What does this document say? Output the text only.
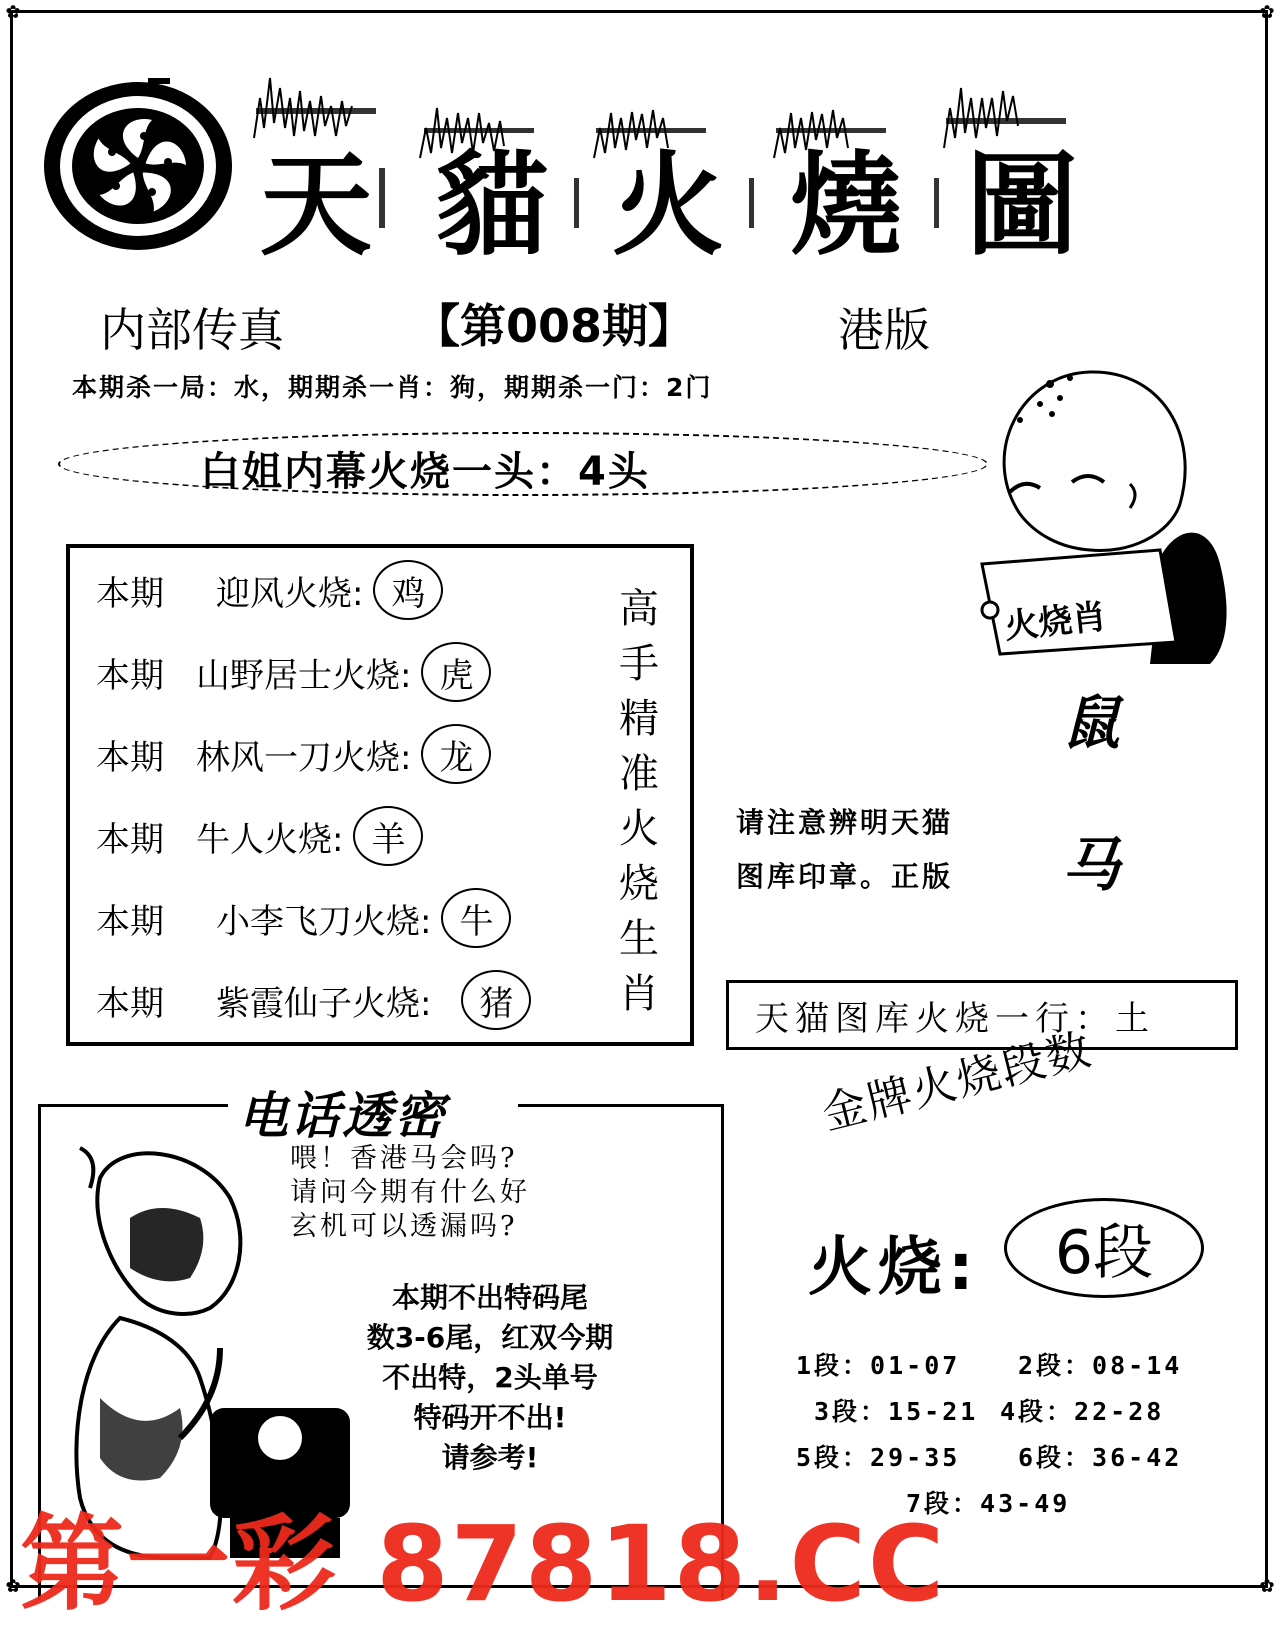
✿	✿
✿	✿
天 貓 火 燒 圖
内部传真	【第008期】	港版
本期杀一局：水，期期杀一肖：狗，期期杀一门：2门
白姐内幕火烧一头：4头
本期	迎风火烧: 鸡
本期 山野居士火烧: 虎
本期 林风一刀火烧: 龙
本期 牛人火烧: 羊
本期	小李飞刀火烧: 牛
本期	紫霞仙子火烧:	猪
高手精准火烧生肖
火烧肖
鼠
马
请注意辨明天猫
图库印章。正版
天猫图库火烧一行：土
电话透密
喂！香港马会吗?
请问今期有什么好
玄机可以透漏吗?
本期不出特码尾
数3-6尾，红双今期
不出特，2头单号
特码开不出!
请参考!
金牌火烧段数
火烧:	6段
1段：01-07 2段：08-14
3段：15-21 4段：22-28
5段：29-35 6段：36-42
7段：43-49
第一彩 87818.CC
